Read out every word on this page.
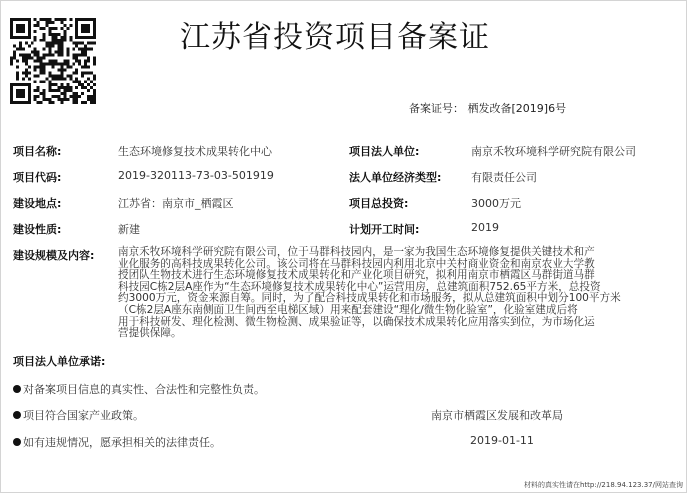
江苏省投资项目备案证
备案证号： 栖发改备[2019]6号
项目名称:	生态环境修复技术成果转化中心	项目法人单位:	南京禾牧环境科学研究院有限公司
项目代码:	2019-320113-73-03-501919	法人单位经济类型:	有限责任公司
建设地点:	江苏省：南京市_栖霞区	项目总投资:	3000万元
建设性质:	新建	计划开工时间:	2019
建设规模及内容: 南京禾牧环境科学研究院有限公司，位于马群科技园内，是一家为我国生态环境修复提供关键技术和产
业化服务的高科技成果转化公司。该公司将在马群科技园内利用北京中关村商业资金和南京农业大学教
授团队生物技术进行生态环境修复技术成果转化和产业化项目研究，拟利用南京市栖霞区马群街道马群
科技园C栋2层A座作为“生态环境修复技术成果转化中心”运营用房，总建筑面积752.65平方米，总投资
约3000万元，资金来源自筹。同时，为了配合科技成果转化和市场服务，拟从总建筑面积中划分100平方米
（C栋2层A座东南侧面卫生间西至电梯区域）用来配套建设“理化/微生物化验室”，化验室建成后将
用于科技研发、理化检测、微生物检测、成果验证等，以确保技术成果转化应用落实到位，为市场化运
营提供保障。
项目法人单位承诺:
对备案项目信息的真实性、合法性和完整性负责。
项目符合国家产业政策。
如有违规情况，愿承担相关的法律责任。
南京市栖霞区发展和改革局
2019-01-11
材料的真实性请在http://218.94.123.37/网站查询
